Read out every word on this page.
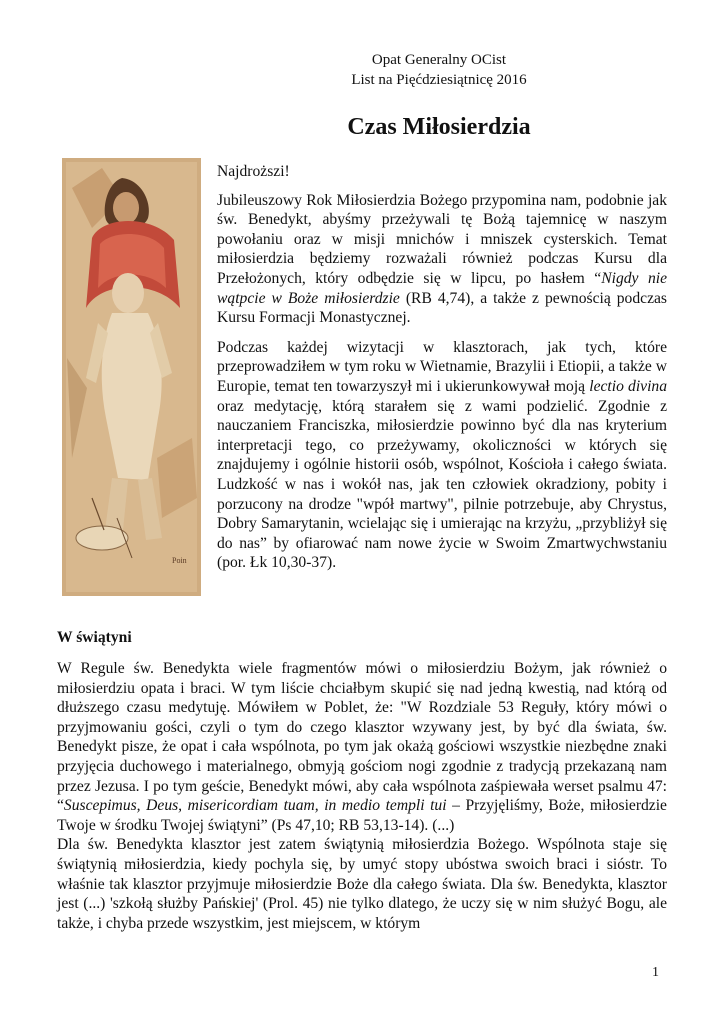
Opat Generalny OCist
List na Pięćdziesiątnicę 2016
Czas Miłosierdzia
Poin

Najdroższi!

Jubileuszowy Rok Miłosierdzia Bożego przypomina nam, podobnie jak św. Benedykt, abyśmy przeżywali tę Bożą tajemnicę w naszym powołaniu oraz w misji mnichów i mniszek cysterskich. Temat miłosierdzia będziemy rozważali również podczas Kursu dla Przełożonych, który odbędzie się w lipcu, po hasłem “Nigdy nie wątpcie w Boże miłosierdzie (RB 4,74), a także z pewnością podczas Kursu Formacji Monastycznej.

Podczas każdej wizytacji w klasztorach, jak tych, które przeprowadziłem w tym roku w Wietnamie, Brazylii i Etiopii, a także w Europie, temat ten towarzyszył mi i ukierunkowywał moją lectio divina oraz medytację, którą starałem się z wami podzielić. Zgodnie z nauczaniem Franciszka, miłosierdzie powinno być dla nas kryterium interpretacji tego, co przeżywamy, okoliczności w których się znajdujemy i ogólnie historii osób, wspólnot, Kościoła i całego świata. Ludzkość w nas i wokół nas, jak ten człowiek okradziony, pobity i porzucony na drodze "wpół martwy", pilnie potrzebuje, aby Chrystus, Dobry Samarytanin, wcielając się i umierając na krzyżu, „przybliżył się do nas” by ofiarować nam nowe życie w Swoim Zmartwychwstaniu (por. Łk 10,30-37).

W świątyni

W Regule św. Benedykta wiele fragmentów mówi o miłosierdziu Bożym, jak również o miłosierdziu opata i braci. W tym liście chciałbym skupić się nad jedną kwestią, nad którą od dłuższego czasu medytuję. Mówiłem w Poblet, że: "W Rozdziale 53 Reguły, który mówi o przyjmowaniu gości, czyli o tym do czego klasztor wzywany jest, by być dla świata, św. Benedykt pisze, że opat i cała wspólnota, po tym jak okażą gościowi wszystkie niezbędne znaki przyjęcia duchowego i materialnego, obmyją gościom nogi zgodnie z tradycją przekazaną nam przez Jezusa. I po tym geście, Benedykt mówi, aby cała wspólnota zaśpiewała werset psalmu 47: “Suscepimus, Deus, misericordiam tuam, in medio templi tui – Przyjęliśmy, Boże, miłosierdzie Twoje w środku Twojej świątyni” (Ps 47,10; RB 53,13-14). (...)

Dla św. Benedykta klasztor jest zatem świątynią miłosierdzia Bożego. Wspólnota staje się świątynią miłosierdzia, kiedy pochyla się, by umyć stopy ubóstwa swoich braci i sióstr. To właśnie tak klasztor przyjmuje miłosierdzie Boże dla całego świata. Dla św. Benedykta, klasztor jest (...) 'szkołą służby Pańskiej' (Prol. 45) nie tylko dlatego, że uczy się w nim służyć Bogu, ale także, i chyba przede wszystkim, jest miejscem, w którym

1
